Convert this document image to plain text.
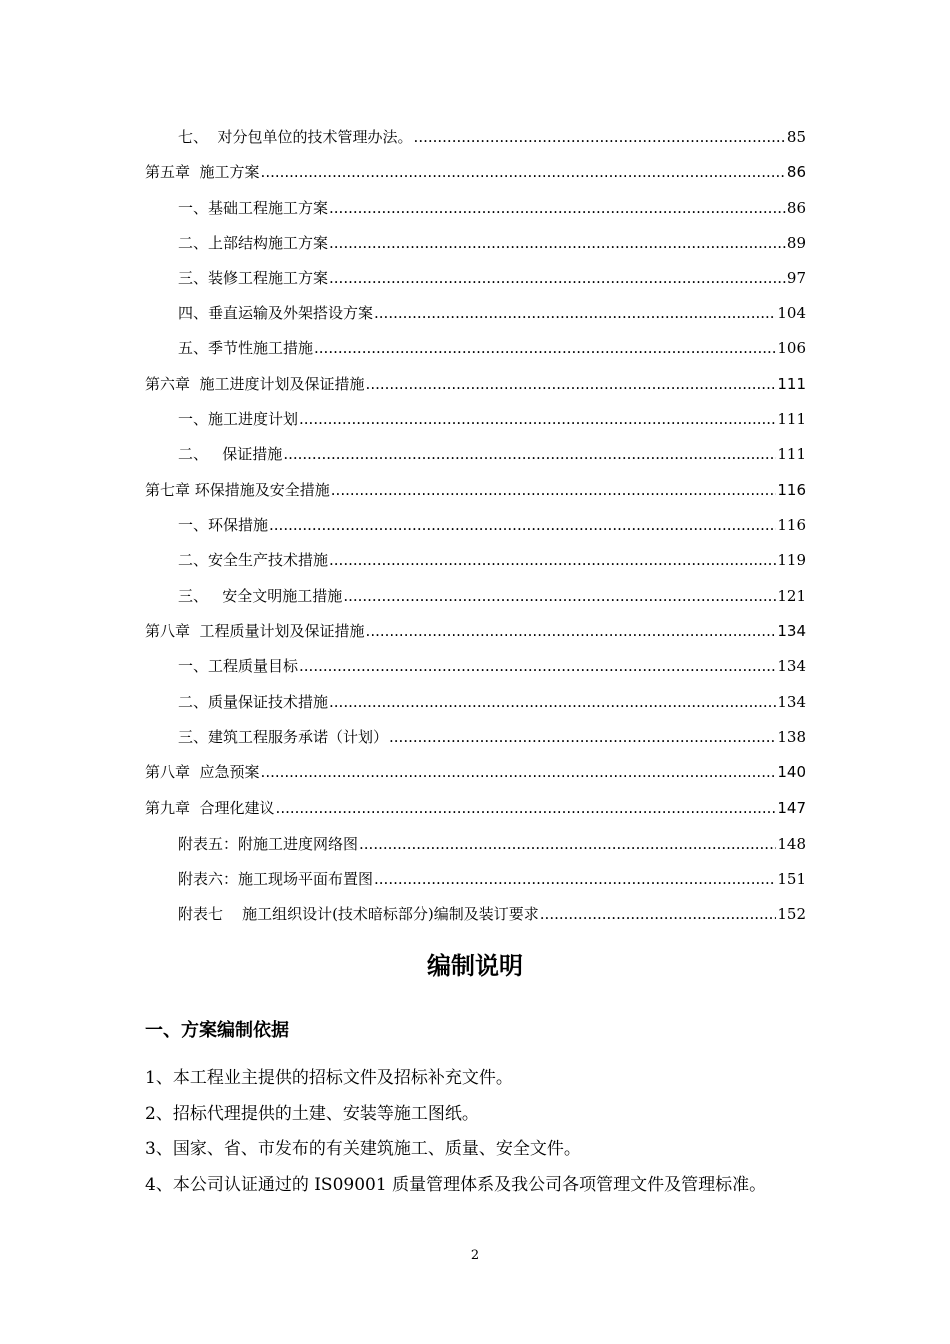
七、  对分包单位的技术管理办法。 .....	85
第五章  施工方案 .....	86
一、基础工程施工方案 .....	86
二、上部结构施工方案 .....	89
三、装修工程施工方案 .....	97
四、垂直运输及外架搭设方案 .....	104
五、季节性施工措施 .....	106
第六章  施工进度计划及保证措施 .....	111
一、施工进度计划 .....	111
二、   保证措施 .....	111
第七章 环保措施及安全措施 .....	116
一、环保措施 .....	116
二、安全生产技术措施 .....	119
三、   安全文明施工措施 .....	121
第八章  工程质量计划及保证措施 .....	134
一、工程质量目标 .....	134
二、质量保证技术措施 .....	134
三、建筑工程服务承诺（计划） .....	138
第八章  应急预案 .....	140
第九章  合理化建议 .....	147
附表五：附施工进度网络图 .....	148
附表六：施工现场平面布置图 .....	151
附表七    施工组织设计(技术暗标部分)编制及装订要求 .....	152
编制说明
一、方案编制依据
1、本工程业主提供的招标文件及招标补充文件。
2、招标代理提供的土建、安装等施工图纸。
3、国家、省、市发布的有关建筑施工、质量、安全文件。
4、本公司认证通过的 IS09001 质量管理体系及我公司各项管理文件及管理标准。
2
